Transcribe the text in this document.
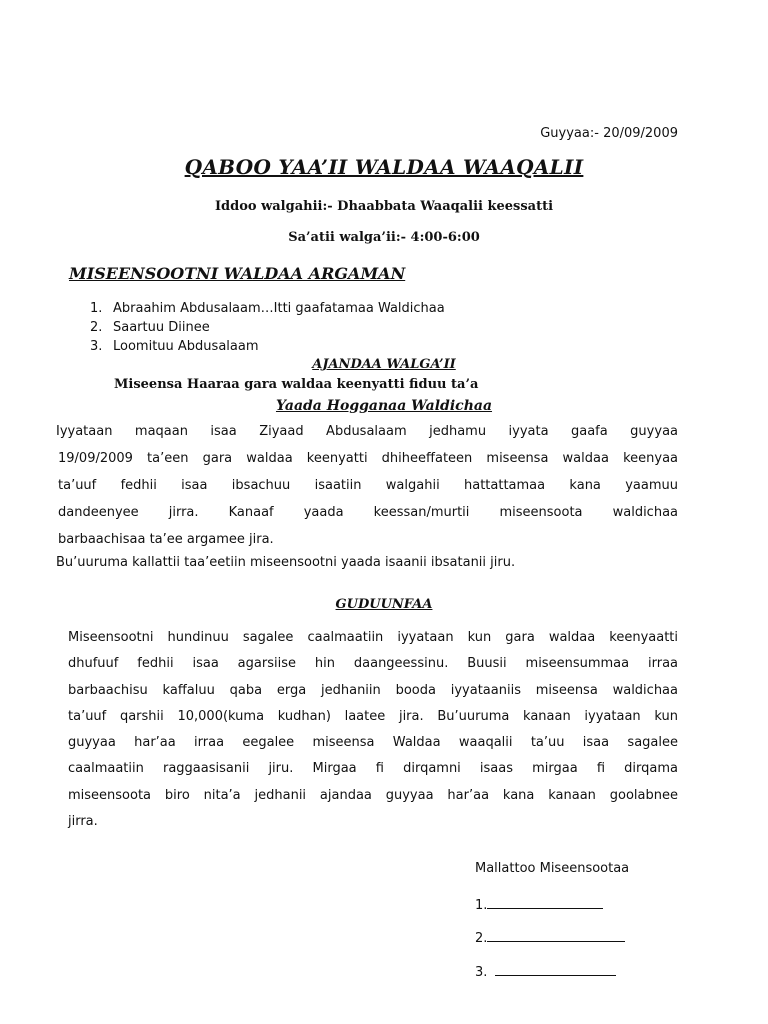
Guyyaa:- 20/09/2009
QABOO YAA’II WALDAA WAAQALII
Iddoo walgahii:- Dhaabbata Waaqalii keessatti
Sa’atii walga’ii:- 4:00-6:00
MISEENSOOTNI WALDAA ARGAMAN
1. Abraahim Abdusalaam…Itti gaafatamaa Waldichaa
2. Saartuu Diinee
3. Loomituu Abdusalaam
AJANDAA WALGA’II
Miseensa Haaraa gara waldaa keenyatti fiduu ta’a
Yaada Hogganaa Waldichaa
Iyyataan maqaan isaa Ziyaad Abdusalaam jedhamu iyyata gaafa guyyaa
19/09/2009 ta’een gara waldaa keenyatti dhiheeffateen miseensa waldaa keenyaa
ta’uuf fedhii isaa ibsachuu isaatiin walgahii hattattamaa kana yaamuu
dandeenyee jirra. Kanaaf yaada keessan/murtii miseensoota waldichaa
barbaachisaa ta’ee argamee jira.
Bu’uuruma kallattii taa’eetiin miseensootni yaada isaanii ibsatanii jiru.
GUDUUNFAA
Miseensootni hundinuu sagalee caalmaatiin iyyataan kun gara waldaa keenyaatti
dhufuuf fedhii isaa agarsiise hin daangeessinu. Buusii miseensummaa irraa
barbaachisu kaffaluu qaba erga jedhaniin booda iyyataaniis miseensa waldichaa
ta’uuf qarshii 10,000(kuma kudhan) laatee jira. Bu’uuruma kanaan iyyataan kun
guyyaa har’aa irraa eegalee miseensa Waldaa waaqalii ta’uu isaa sagalee
caalmaatiin raggaasisanii jiru. Mirgaa fi dirqamni isaas mirgaa fi dirqama
miseensoota biro nita’a jedhanii ajandaa guyyaa har’aa kana kanaan goolabnee
jirra.
Mallattoo Miseensootaa
1.
2.
3.
